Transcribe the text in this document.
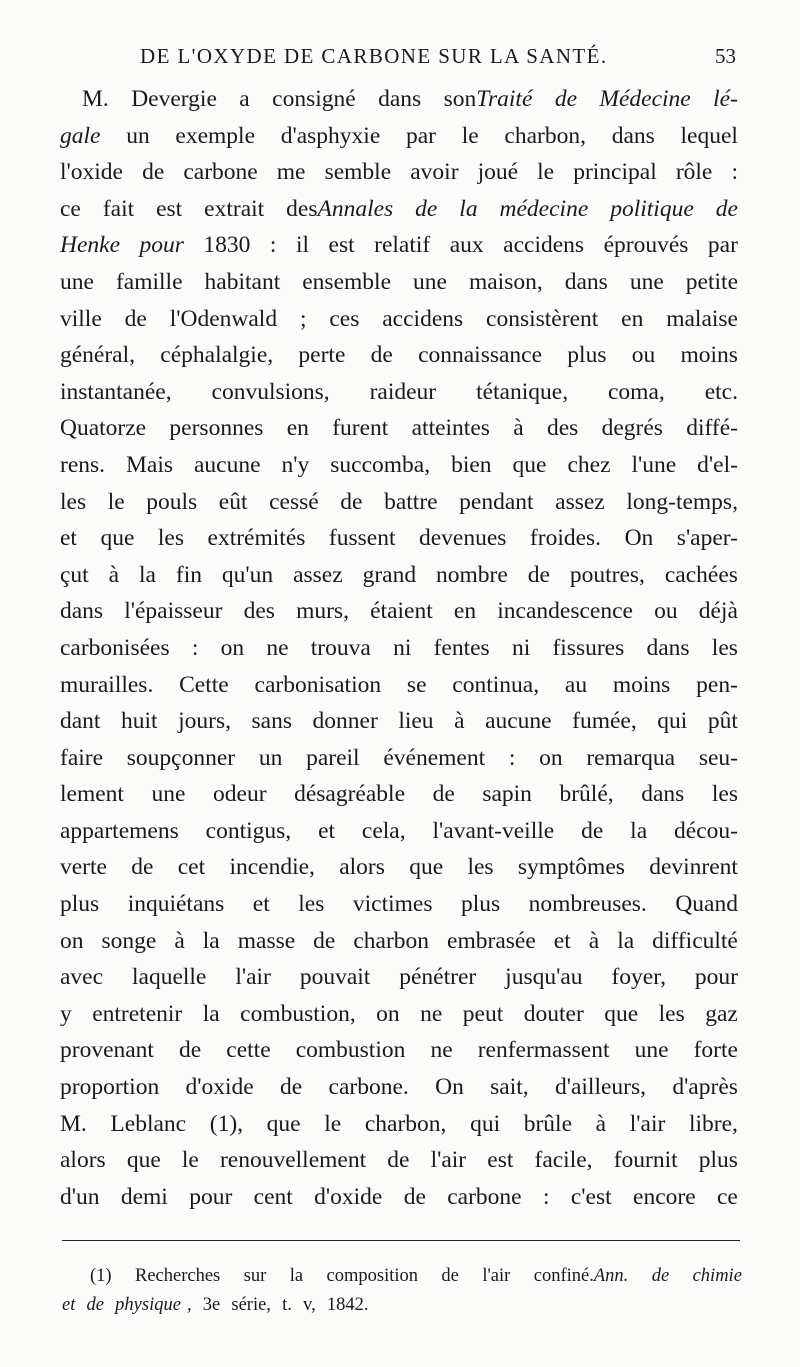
DE L'OXYDE DE CARBONE SUR LA SANTÉ.	53
M. Devergie a consigné dans sonTraité de Médecine lé-
gale un exemple d'asphyxie par le charbon, dans lequel
l'oxide de carbone me semble avoir joué le principal rôle :
ce fait est extrait desAnnales de la médecine politique de
Henke pour 1830 : il est relatif aux accidens éprouvés par
une famille habitant ensemble une maison, dans une petite
ville de l'Odenwald ; ces accidens consistèrent en malaise
général, céphalalgie, perte de connaissance plus ou moins
instantanée, convulsions, raideur tétanique, coma, etc.
Quatorze personnes en furent atteintes à des degrés diffé-
rens. Mais aucune n'y succomba, bien que chez l'une d'el-
les le pouls eût cessé de battre pendant assez long-temps,
et que les extrémités fussent devenues froides. On s'aper-
çut à la fin qu'un assez grand nombre de poutres, cachées
dans l'épaisseur des murs, étaient en incandescence ou déjà
carbonisées : on ne trouva ni fentes ni fissures dans les
murailles. Cette carbonisation se continua, au moins pen-
dant huit jours, sans donner lieu à aucune fumée, qui pût
faire soupçonner un pareil événement : on remarqua seu-
lement une odeur désagréable de sapin brûlé, dans les
appartemens contigus, et cela, l'avant-veille de la décou-
verte de cet incendie, alors que les symptômes devinrent
plus inquiétans et les victimes plus nombreuses. Quand
on songe à la masse de charbon embrasée et à la difficulté
avec laquelle l'air pouvait pénétrer jusqu'au foyer, pour
y entretenir la combustion, on ne peut douter que les gaz
provenant de cette combustion ne renfermassent une forte
proportion d'oxide de carbone. On sait, d'ailleurs, d'après
M. Leblanc (1), que le charbon, qui brûle à l'air libre,
alors que le renouvellement de l'air est facile, fournit plus
d'un demi pour cent d'oxide de carbone : c'est encore ce
(1) Recherches sur la composition de l'air confiné.Ann. de chimie
et de physique , 3e série, t. v, 1842.
